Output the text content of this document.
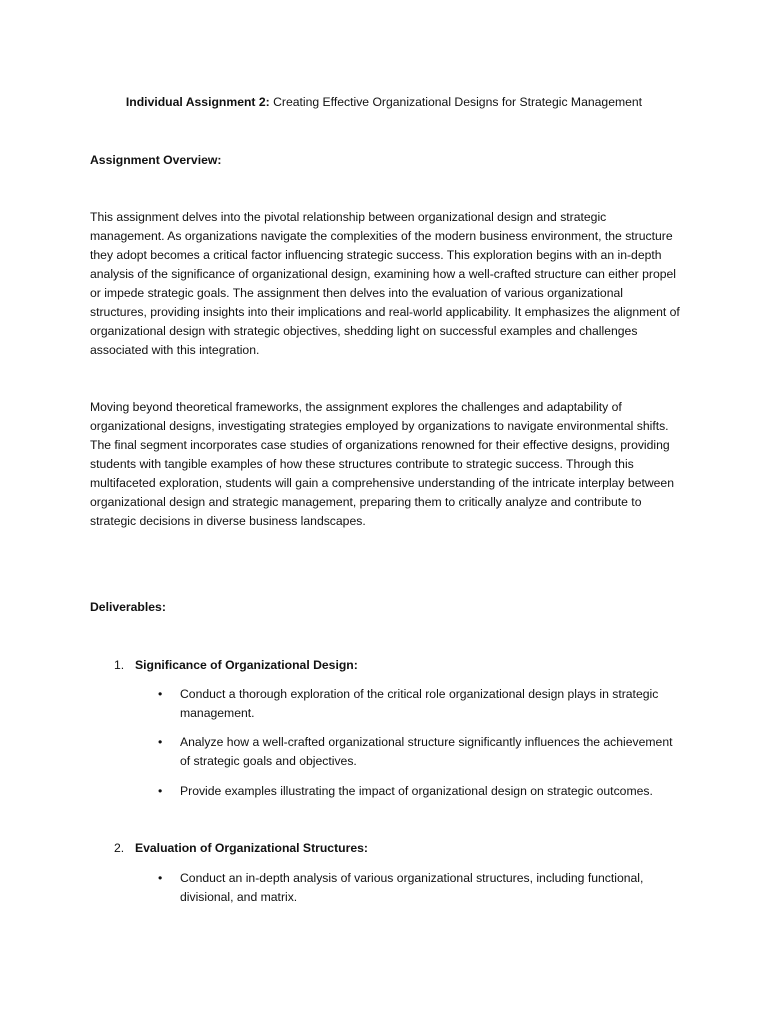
Individual Assignment 2: Creating Effective Organizational Designs for Strategic Management
Assignment Overview:

This assignment delves into the pivotal relationship between organizational design and strategic management. As organizations navigate the complexities of the modern business environment, the structure they adopt becomes a critical factor influencing strategic success. This exploration begins with an in-depth analysis of the significance of organizational design, examining how a well-crafted structure can either propel or impede strategic goals. The assignment then delves into the evaluation of various organizational structures, providing insights into their implications and real-world applicability. It emphasizes the alignment of organizational design with strategic objectives, shedding light on successful examples and challenges associated with this integration.

Moving beyond theoretical frameworks, the assignment explores the challenges and adaptability of organizational designs, investigating strategies employed by organizations to navigate environmental shifts. The final segment incorporates case studies of organizations renowned for their effective designs, providing students with tangible examples of how these structures contribute to strategic success. Through this multifaceted exploration, students will gain a comprehensive understanding of the intricate interplay between organizational design and strategic management, preparing them to critically analyze and contribute to strategic decisions in diverse business landscapes.

Deliverables:
1. Significance of Organizational Design:
•	Conduct a thorough exploration of the critical role organizational design plays in strategic management.
•	Analyze how a well-crafted organizational structure significantly influences the achievement of strategic goals and objectives.
•	Provide examples illustrating the impact of organizational design on strategic outcomes.
2. Evaluation of Organizational Structures:
•	Conduct an in-depth analysis of various organizational structures, including functional, divisional, and matrix.
